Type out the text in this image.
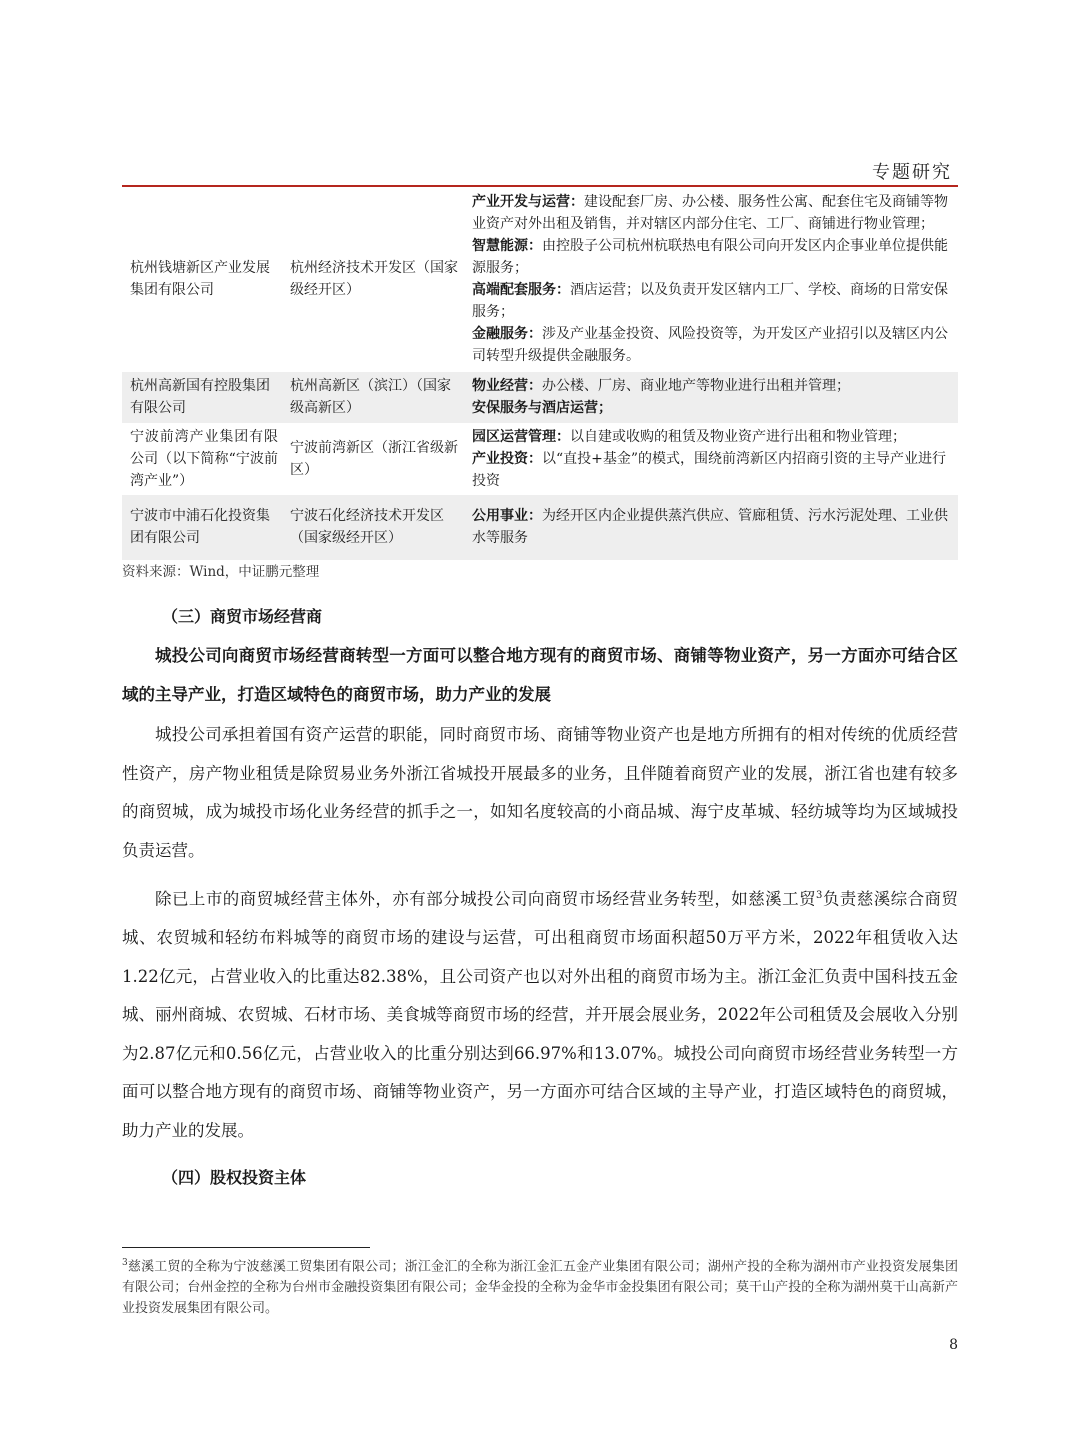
专题研究
杭州钱塘新区产业发展集团有限公司	杭州经济技术开发区（国家级经开区）	产业开发与运营：建设配套厂房、办公楼、服务性公寓、配套住宅及商铺等物业资产对外出租及销售，并对辖区内部分住宅、工厂、商铺进行物业管理；
智慧能源：由控股子公司杭州杭联热电有限公司向开发区内企事业单位提供能源服务；
高端配套服务：酒店运营；以及负责开发区辖内工厂、学校、商场的日常安保服务；
金融服务：涉及产业基金投资、风险投资等，为开发区产业招引以及辖区内公司转型升级提供金融服务。
杭州高新国有控股集团有限公司	杭州高新区（滨江）（国家级高新区）	物业经营：办公楼、厂房、商业地产等物业进行出租并管理；
安保服务与酒店运营；
宁波前湾产业集团有限公司（以下简称“宁波前湾产业”）	宁波前湾新区（浙江省级新区）	园区运营管理：以自建或收购的租赁及物业资产进行出租和物业管理；
产业投资：以“直投+基金”的模式，围绕前湾新区内招商引资的主导产业进行投资
宁波市中浦石化投资集团有限公司	宁波石化经济技术开发区（国家级经开区）	公用事业：为经开区内企业提供蒸汽供应、管廊租赁、污水污泥处理、工业供水等服务
资料来源：Wind，中证鹏元整理
（三）商贸市场经营商

城投公司向商贸市场经营商转型一方面可以整合地方现有的商贸市场、商铺等物业资产，另一方面亦可结合区域的主导产业，打造区域特色的商贸市场，助力产业的发展

城投公司承担着国有资产运营的职能，同时商贸市场、商铺等物业资产也是地方所拥有的相对传统的优质经营性资产，房产物业租赁是除贸易业务外浙江省城投开展最多的业务，且伴随着商贸产业的发展，浙江省也建有较多的商贸城，成为城投市场化业务经营的抓手之一，如知名度较高的小商品城、海宁皮革城、轻纺城等均为区域城投负责运营。

除已上市的商贸城经营主体外，亦有部分城投公司向商贸市场经营业务转型，如慈溪工贸$^3$负责慈溪综合商贸城、农贸城和轻纺布料城等的商贸市场的建设与运营，可出租商贸市场面积超50万平方米，2022年租赁收入达1.22亿元，占营业收入的比重达82.38%，且公司资产也以对外出租的商贸市场为主。浙江金汇负责中国科技五金城、丽州商城、农贸城、石材市场、美食城等商贸市场的经营，并开展会展业务，2022年公司租赁及会展收入分别为2.87亿元和0.56亿元，占营业收入的比重分别达到66.97%和13.07%。城投公司向商贸市场经营业务转型一方面可以整合地方现有的商贸市场、商铺等物业资产，另一方面亦可结合区域的主导产业，打造区域特色的商贸城，助力产业的发展。

（四）股权投资主体

$^3$慈溪工贸的全称为宁波慈溪工贸集团有限公司；浙江金汇的全称为浙江金汇五金产业集团有限公司；湖州产投的全称为湖州市产业投资发展集团有限公司；台州金控的全称为台州市金融投资集团有限公司；金华金投的全称为金华市金投集团有限公司；莫干山产投的全称为湖州莫干山高新产业投资发展集团有限公司。

8
